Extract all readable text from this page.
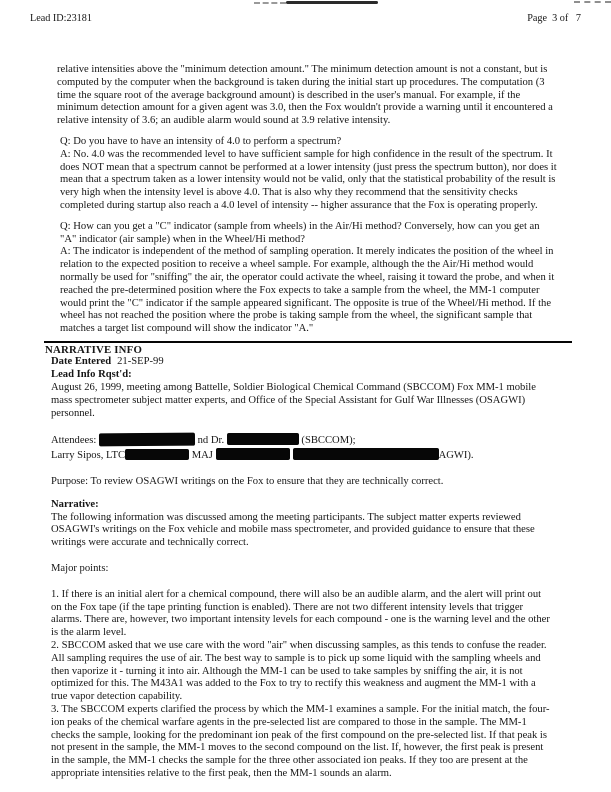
Lead ID:23181	Page  3 of   7

relative intensities above the "minimum detection amount." The minimum detection amount is not a constant, but is computed by the computer when the background is taken during the initial start up procedures. The computation (3 time the square root of the average background amount) is described in the user's manual. For example, if the minimum detection amount for a given agent was 3.0, then the Fox wouldn't provide a warning until it encountered a relative intensity of 3.6; an audible alarm would sound at 3.9 relative intensity.

Q: Do you have to have an intensity of 4.0 to perform a spectrum?

A: No. 4.0 was the recommended level to have sufficient sample for high confidence in the result of the spectrum. It does NOT mean that a spectrum cannot be performed at a lower intensity (just press the spectrum button), nor does it mean that a spectrum taken as a lower intensity would not be valid, only that the statistical probability of the result is very high when the intensity level is above 4.0. That is also why they recommend that the sensitivity checks completed during startup also reach a 4.0 level of intensity -- higher assurance that the Fox is operating properly.

Q: How can you get a "C" indicator (sample from wheels) in the Air/Hi method? Conversely, how can you get an "A" indicator (air sample) when in the Wheel/Hi method?

A: The indicator is independent of the method of sampling operation. It merely indicates the position of the wheel in relation to the expected position to receive a wheel sample. For example, although the the Air/Hi method would normally be used for "sniffing" the air, the operator could activate the wheel, raising it toward the probe, and when it reached the pre-determined position where the Fox expects to take a sample from the wheel, the MM-1 computer would print the "C" indicator if the sample appeared significant. The opposite is true of the Wheel/Hi method. If the wheel has not reached the position where the probe is taking sample from the wheel, the significant sample that matches a target list compound will show the indicator "A."

NARRATIVE INFO
Date Entered 21-SEP-99
Lead Info Rqst'd:

August 26, 1999, meeting among Battelle, Soldier Biological Chemical Command (SBCCOM) Fox MM-1 mobile mass spectrometer subject matter experts, and Office of the Special Assistant for Gulf War Illnesses (OSAGWI) personnel.

Attendees:	nd Dr.	(SBCCOM);
Larry Sipos, LTC	MAJ	AGWI).

Purpose: To review OSAGWI writings on the Fox to ensure that they are technically correct.

Narrative:

The following information was discussed among the meeting participants. The subject matter experts reviewed OSAGWI's writings on the Fox vehicle and mobile mass spectrometer, and provided guidance to ensure that these writings were accurate and technically correct.

Major points:

1. If there is an initial alert for a chemical compound, there will also be an audible alarm, and the alert will print out on the Fox tape (if the tape printing function is enabled). There are not two different intensity levels that trigger alarms. There are, however, two important intensity levels for each compound - one is the warning level and the other is the alarm level.

2. SBCCOM asked that we use care with the word "air" when discussing samples, as this tends to confuse the reader. All sampling requires the use of air. The best way to sample is to pick up some liquid with the sampling wheels and then vaporize it - turning it into air. Although the MM-1 can be used to take samples by sniffing the air, it is not optimized for this. The M43A1 was added to the Fox to try to rectify this weakness and augment the MM-1 with a true vapor detection capability.

3. The SBCCOM experts clarified the process by which the MM-1 examines a sample. For the initial match, the four-ion peaks of the chemical warfare agents in the pre-selected list are compared to those in the sample. The MM-1 checks the sample, looking for the predominant ion peak of the first compound on the pre-selected list. If that peak is not present in the sample, the MM-1 moves to the second compound on the list. If, however, the first peak is present in the sample, the MM-1 checks the sample for the three other associated ion peaks. If they too are present at the appropriate intensities relative to the first peak, then the MM-1 sounds an alarm.
